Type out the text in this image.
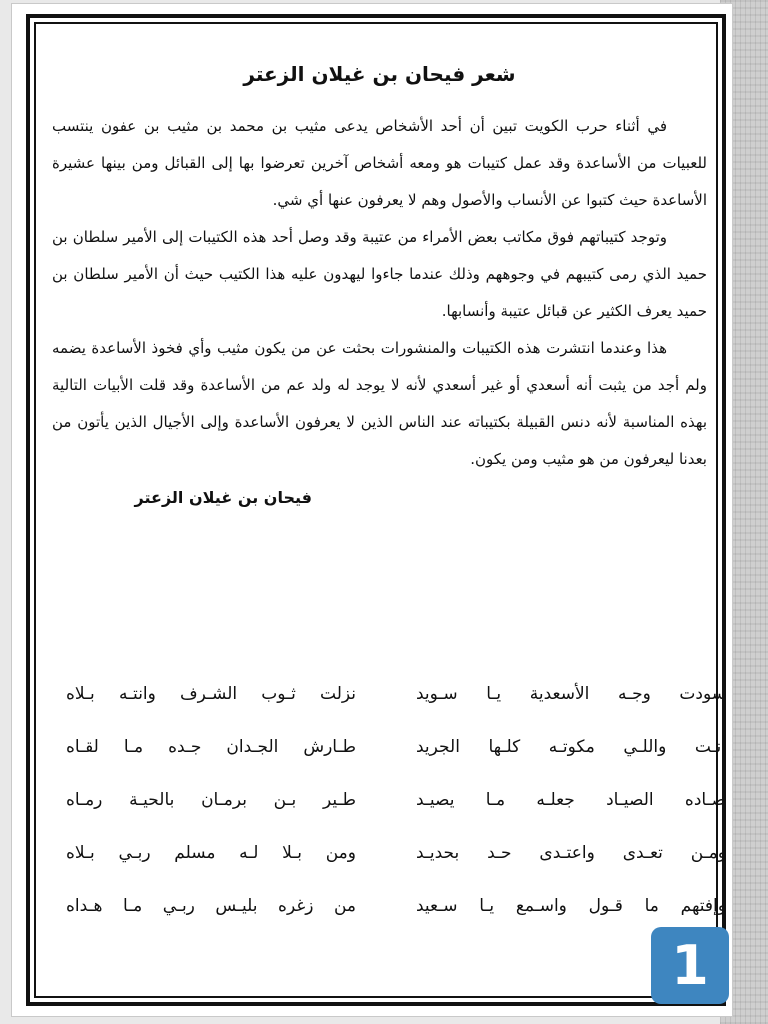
شعر فيحان بن غيلان الزعتر

في أثناء حرب الكويت تبين أن أحد الأشخاص يدعى مثيب بن محمد بن مثيب بن عفون ينتسب للعبيات من الأساعدة وقد عمل كتيبات هو ومعه أشخاص آخرين تعرضوا بها إلى القبائل ومن بينها عشيرة الأساعدة حيث كتبوا عن الأنساب والأصول وهم لا يعرفون عنها أي شي.

وتوجد كتيباتهم فوق مكاتب بعض الأمراء من عتيبة وقد وصل أحد هذه الكتيبات إلى الأمير سلطان بن حميد الذي رمى كتيبهم في وجوههم وذلك عندما جاءوا ليهدون عليه هذا الكتيب حيث أن الأمير سلطان بن حميد يعرف الكثير عن قبائل عتيبة وأنسابها.

هذا وعندما انتشرت هذه الكتيبات والمنشورات بحثت عن من يكون مثيب وأي فخوذ الأساعدة يضمه ولم أجد من يثبت أنه أسعدي أو غير أسعدي لأنه لا يوجد له ولد عم من الأساعدة وقد قلت الأبيات التالية بهذه المناسبة لأنه دنس القبيلة بكتيباته عند الناس الذين لا يعرفون الأساعدة وإلى الأجيال الذين يأتون من بعدنا ليعرفون من هو مثيب ومن يكون.

فيحان بن غيلان الزعتر
سودت وجـه الأسعدية يـا سـويد
نزلت ثـوب الشـرف وانتـه بـلاه
أنـت واللـي مكوتـه كلـها الجريد
طـارش الجـدان جـده مـا لقـاه
صـاده الصيـاد جعلـه مـا يصيـد
طـير بـن برمـان بالحيـة رمـاه
ومـن تعـدى واعتـدى حـد بحديـد
ومن بـلا لـه مسلم ربـي بـلاه
وإفتهم ما قـول واسـمع يـا سـعيد
من زغره بليـس ربـي مـا هـداه
1
